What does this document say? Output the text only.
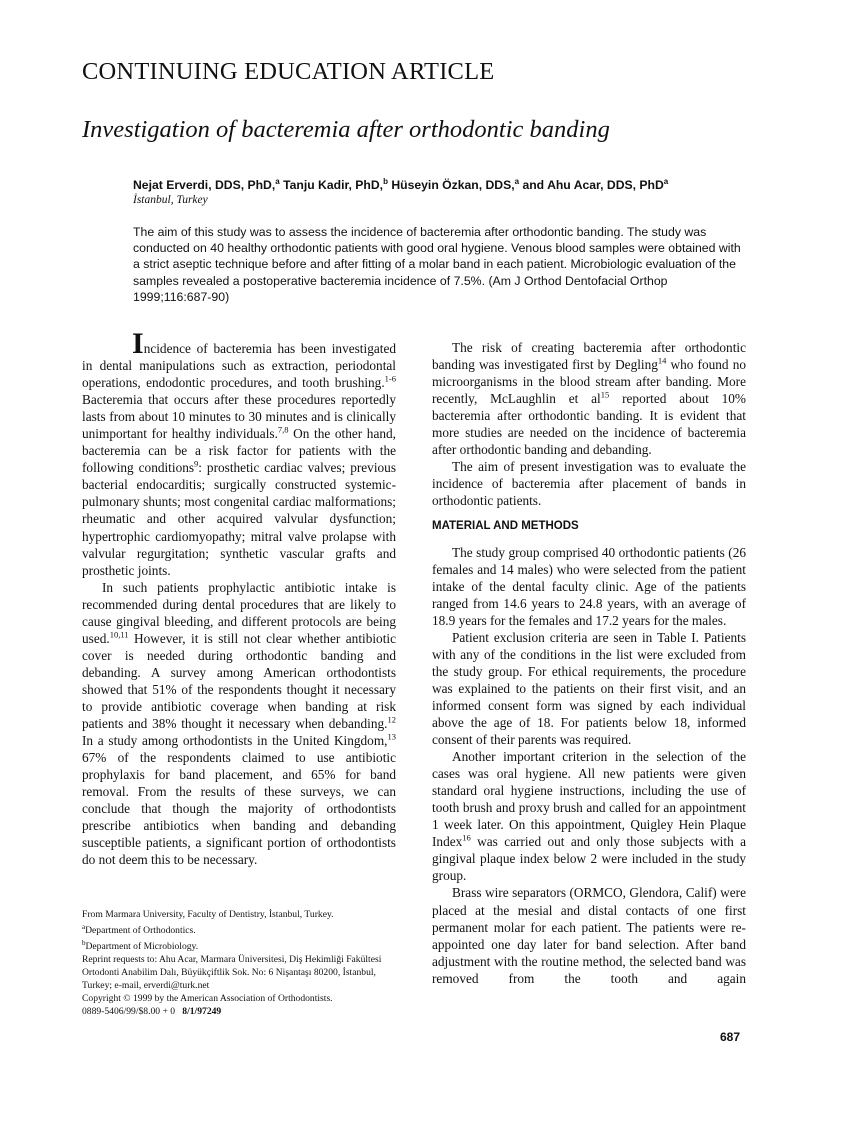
CONTINUING EDUCATION ARTICLE
Investigation of bacteremia after orthodontic banding
Nejat Erverdi, DDS, PhD,$^a$ Tanju Kadir, PhD,$^b$ Hüseyin Özkan, DDS,$^a$ and Ahu Acar, DDS, PhD$^a$
İstanbul, Turkey
The aim of this study was to assess the incidence of bacteremia after orthodontic banding. The study was conducted on 40 healthy orthodontic patients with good oral hygiene. Venous blood samples were obtained with a strict aseptic technique before and after fitting of a molar band in each patient. Microbiologic evaluation of the samples revealed a postoperative bacteremia incidence of 7.5%. (Am J Orthod Dentofacial Orthop 1999;116:687-90)

Incidence of bacteremia has been investigated in dental manipulations such as extraction, periodontal operations, endodontic procedures, and tooth brushing.$^{1-6}$ Bacteremia that occurs after these procedures reportedly lasts from about 10 minutes to 30 minutes and is clinically unimportant for healthy individuals.$^{7,8}$ On the other hand, bacteremia can be a risk factor for patients with the following conditions$^9$: prosthetic cardiac valves; previous bacterial endocarditis; surgically constructed systemic-pulmonary shunts; most congenital cardiac malformations; rheumatic and other acquired valvular dysfunction; hypertrophic cardiomyopathy; mitral valve prolapse with valvular regurgitation; synthetic vascular grafts and prosthetic joints.

In such patients prophylactic antibiotic intake is recommended during dental procedures that are likely to cause gingival bleeding, and different protocols are being used.$^{10,11}$ However, it is still not clear whether antibiotic cover is needed during orthodontic banding and debanding. A survey among American orthodontists showed that 51% of the respondents thought it necessary to provide antibiotic coverage when banding at risk patients and 38% thought it necessary when debanding.$^{12}$ In a study among orthodontists in the United Kingdom,$^{13}$ 67% of the respondents claimed to use antibiotic prophylaxis for band placement, and 65% for band removal. From the results of these surveys, we can conclude that though the majority of orthodontists prescribe antibiotics when banding and debanding susceptible patients, a significant portion of orthodontists do not deem this to be necessary.

The risk of creating bacteremia after orthodontic banding was investigated first by Degling$^{14}$ who found no microorganisms in the blood stream after banding. More recently, McLaughlin et $al^{15}$ reported about 10% bacteremia after orthodontic banding. It is evident that more studies are needed on the incidence of bacteremia after orthodontic banding and debanding.

The aim of present investigation was to evaluate the incidence of bacteremia after placement of bands in orthodontic patients.

MATERIAL AND METHODS

The study group comprised 40 orthodontic patients (26 females and 14 males) who were selected from the patient intake of the dental faculty clinic. Age of the patients ranged from 14.6 years to 24.8 years, with an average of 18.9 years for the females and 17.2 years for the males.

Patient exclusion criteria are seen in Table I. Patients with any of the conditions in the list were excluded from the study group. For ethical requirements, the procedure was explained to the patients on their first visit, and an informed consent form was signed by each individual above the age of 18. For patients below 18, informed consent of their parents was required.

Another important criterion in the selection of the cases was oral hygiene. All new patients were given standard oral hygiene instructions, including the use of tooth brush and proxy brush and called for an appointment 1 week later. On this appointment, Quigley Hein Plaque Index$^{16}$ was carried out and only those subjects with a gingival plaque index below 2 were included in the study group.

Brass wire separators (ORMCO, Glendora, Calif) were placed at the mesial and distal contacts of one first permanent molar for each patient. The patients were re-appointed one day later for band selection. After band adjustment with the routine method, the selected band was removed from the tooth and again

From Marmara University, Faculty of Dentistry, İstanbul, Turkey.
$^a$Department of Orthodontics.
$^b$Department of Microbiology.
Reprint requests to: Ahu Acar, Marmara Üniversitesi, Diş Hekimliği Fakültesi
Ortodonti Anabilim Dalı, Büyükçiftlik Sok. No: 6 Nişantaşı 80200, İstanbul,
Turkey; e-mail, erverdi@turk.net
Copyright © 1999 by the American Association of Orthodontists.
0889-5406/99/$8.00 + 0 8/1/97249
687
